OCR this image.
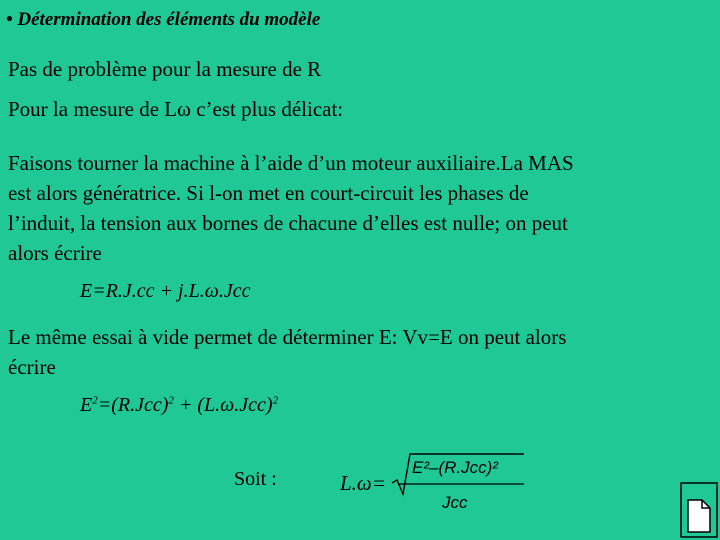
• Détermination des éléments du modèle
Pas de problème pour la mesure de R
Pour la mesure de Lω c’est plus délicat:
Faisons tourner la machine à l’aide d’un moteur auxiliaire.La MAS
est alors génératrice. Si l-on met en court-circuit les phases de
l’induit, la tension aux bornes de chacune d’elles est nulle; on peut
alors écrire
E=R.J.cc + j.L.ω.Jcc
Le même essai à vide permet de déterminer E: Vv=E on peut alors
écrire
$E^2=(R.Jcc)^2 + (L.\omega.Jcc)^2$
Soit :	L.ω=
E²–(R.Jcc)²
Jcc
